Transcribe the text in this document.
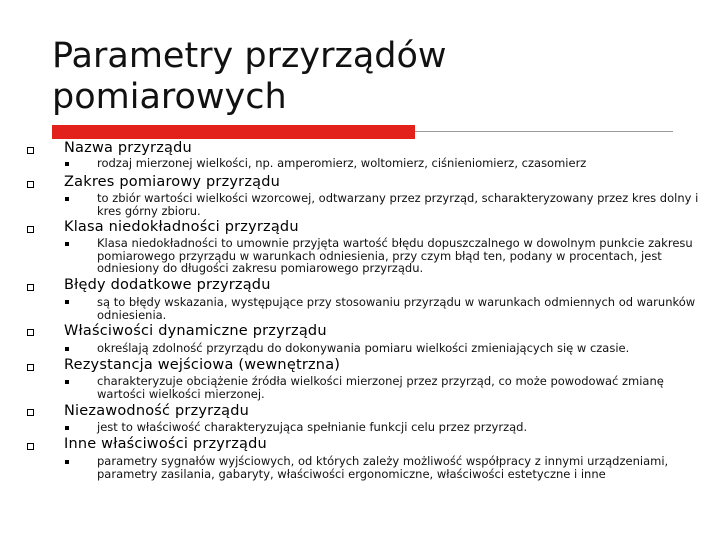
Parametry przyrządów
pomiarowych
Nazwa przyrządu
rodzaj mierzonej wielkości, np. amperomierz, woltomierz, ciśnieniomierz, czasomierz
Zakres pomiarowy przyrządu
to zbiór wartości wielkości wzorcowej, odtwarzany przez przyrząd, scharakteryzowany przez kres dolny i kres górny zbioru.
Klasa niedokładności przyrządu
Klasa niedokładności to umownie przyjęta wartość błędu dopuszczalnego w dowolnym punkcie zakresu pomiarowego przyrządu w warunkach odniesienia, przy czym błąd ten, podany w procentach, jest odniesiony do długości zakresu pomiarowego przyrządu.
Błędy dodatkowe przyrządu
są to błędy wskazania, występujące przy stosowaniu przyrządu w warunkach odmiennych od warunków odniesienia.
Właściwości dynamiczne przyrządu
określają zdolność przyrządu do dokonywania pomiaru wielkości zmieniających się w czasie.
Rezystancja wejściowa (wewnętrzna)
charakteryzuje obciążenie źródła wielkości mierzonej przez przyrząd, co może powodować zmianę wartości wielkości mierzonej.
Niezawodność przyrządu
jest to właściwość charakteryzująca spełnianie funkcji celu przez przyrząd.
Inne właściwości przyrządu
parametry sygnałów wyjściowych, od których zależy możliwość współpracy z innymi urządzeniami, parametry zasilania, gabaryty, właściwości ergonomiczne, właściwości estetyczne i inne
